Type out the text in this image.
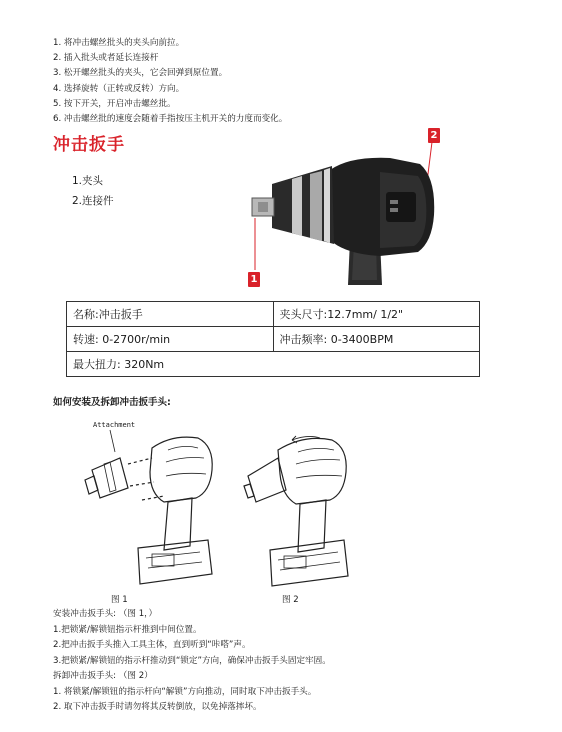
1. 将冲击螺丝批头的夹头向前拉。
2. 插入批头或者延长连接杆
3. 松开螺丝批头的夹头，它会回弹到原位置。
4. 选择旋转（正转或反转）方向。
5. 按下开关，开启冲击螺丝批。
6. 冲击螺丝批的速度会随着手指按压主机开关的力度而变化。
冲击扳手
1.夹头
2.连接件
2
1
名称:冲击扳手	夹头尺寸:12.7mm/ 1/2"
转速: 0-2700r/min	冲击频率: 0-3400BPM
最大扭力: 320Nm	
如何安装及拆卸冲击扳手头:
Attachment
图 1	图 2
安装冲击扳手头: （图 1，）
1.把锁紧/解锁钮指示杆推到中间位置。
2.把冲击扳手头推入工具主体，直到听到“咔嗒”声。
3.把锁紧/解锁钮的指示杆推动到“锁定”方向，确保冲击扳手头固定牢固。
拆卸冲击扳手头: （图 2）
1. 将锁紧/解锁钮的指示杆向“解锁”方向推动，同时取下冲击扳手头。
2. 取下冲击扳手时请勿将其反转倒放，以免掉落摔坏。
